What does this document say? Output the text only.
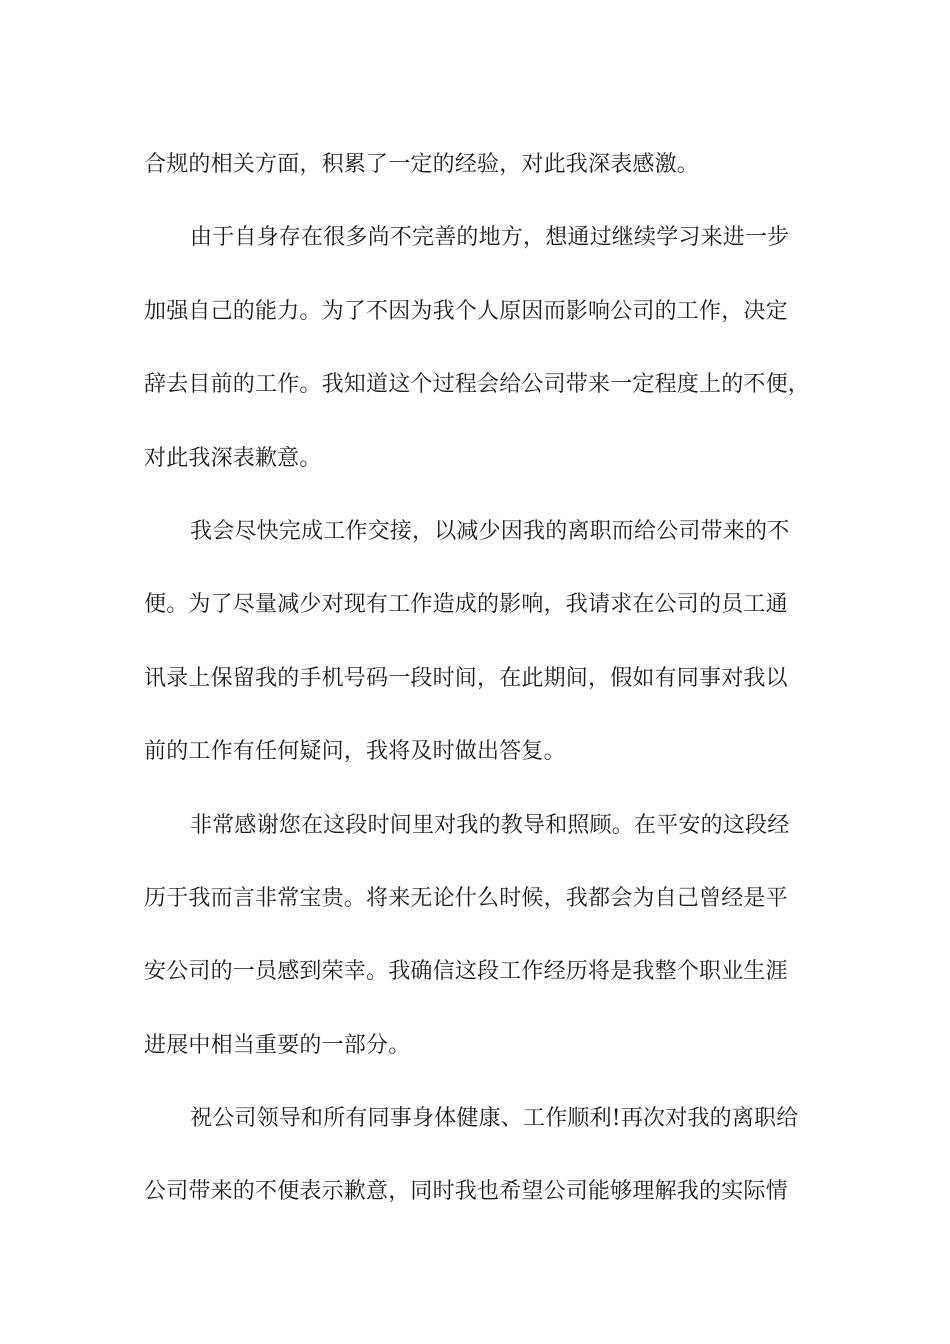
合规的相关方面，积累了一定的经验，对此我深表感激。
由于自身存在很多尚不完善的地方，想通过继续学习来进一步
加强自己的能力。为了不因为我个人原因而影响公司的工作，决定
辞去目前的工作。我知道这个过程会给公司带来一定程度上的不便，
对此我深表歉意。
我会尽快完成工作交接，以减少因我的离职而给公司带来的不
便。为了尽量减少对现有工作造成的影响，我请求在公司的员工通
讯录上保留我的手机号码一段时间，在此期间，假如有同事对我以
前的工作有任何疑问，我将及时做出答复。
非常感谢您在这段时间里对我的教导和照顾。在平安的这段经
历于我而言非常宝贵。将来无论什么时候，我都会为自己曾经是平
安公司的一员感到荣幸。我确信这段工作经历将是我整个职业生涯
进展中相当重要的一部分。
祝公司领导和所有同事身体健康、工作顺利!再次对我的离职给
公司带来的不便表示歉意，同时我也希望公司能够理解我的实际情
